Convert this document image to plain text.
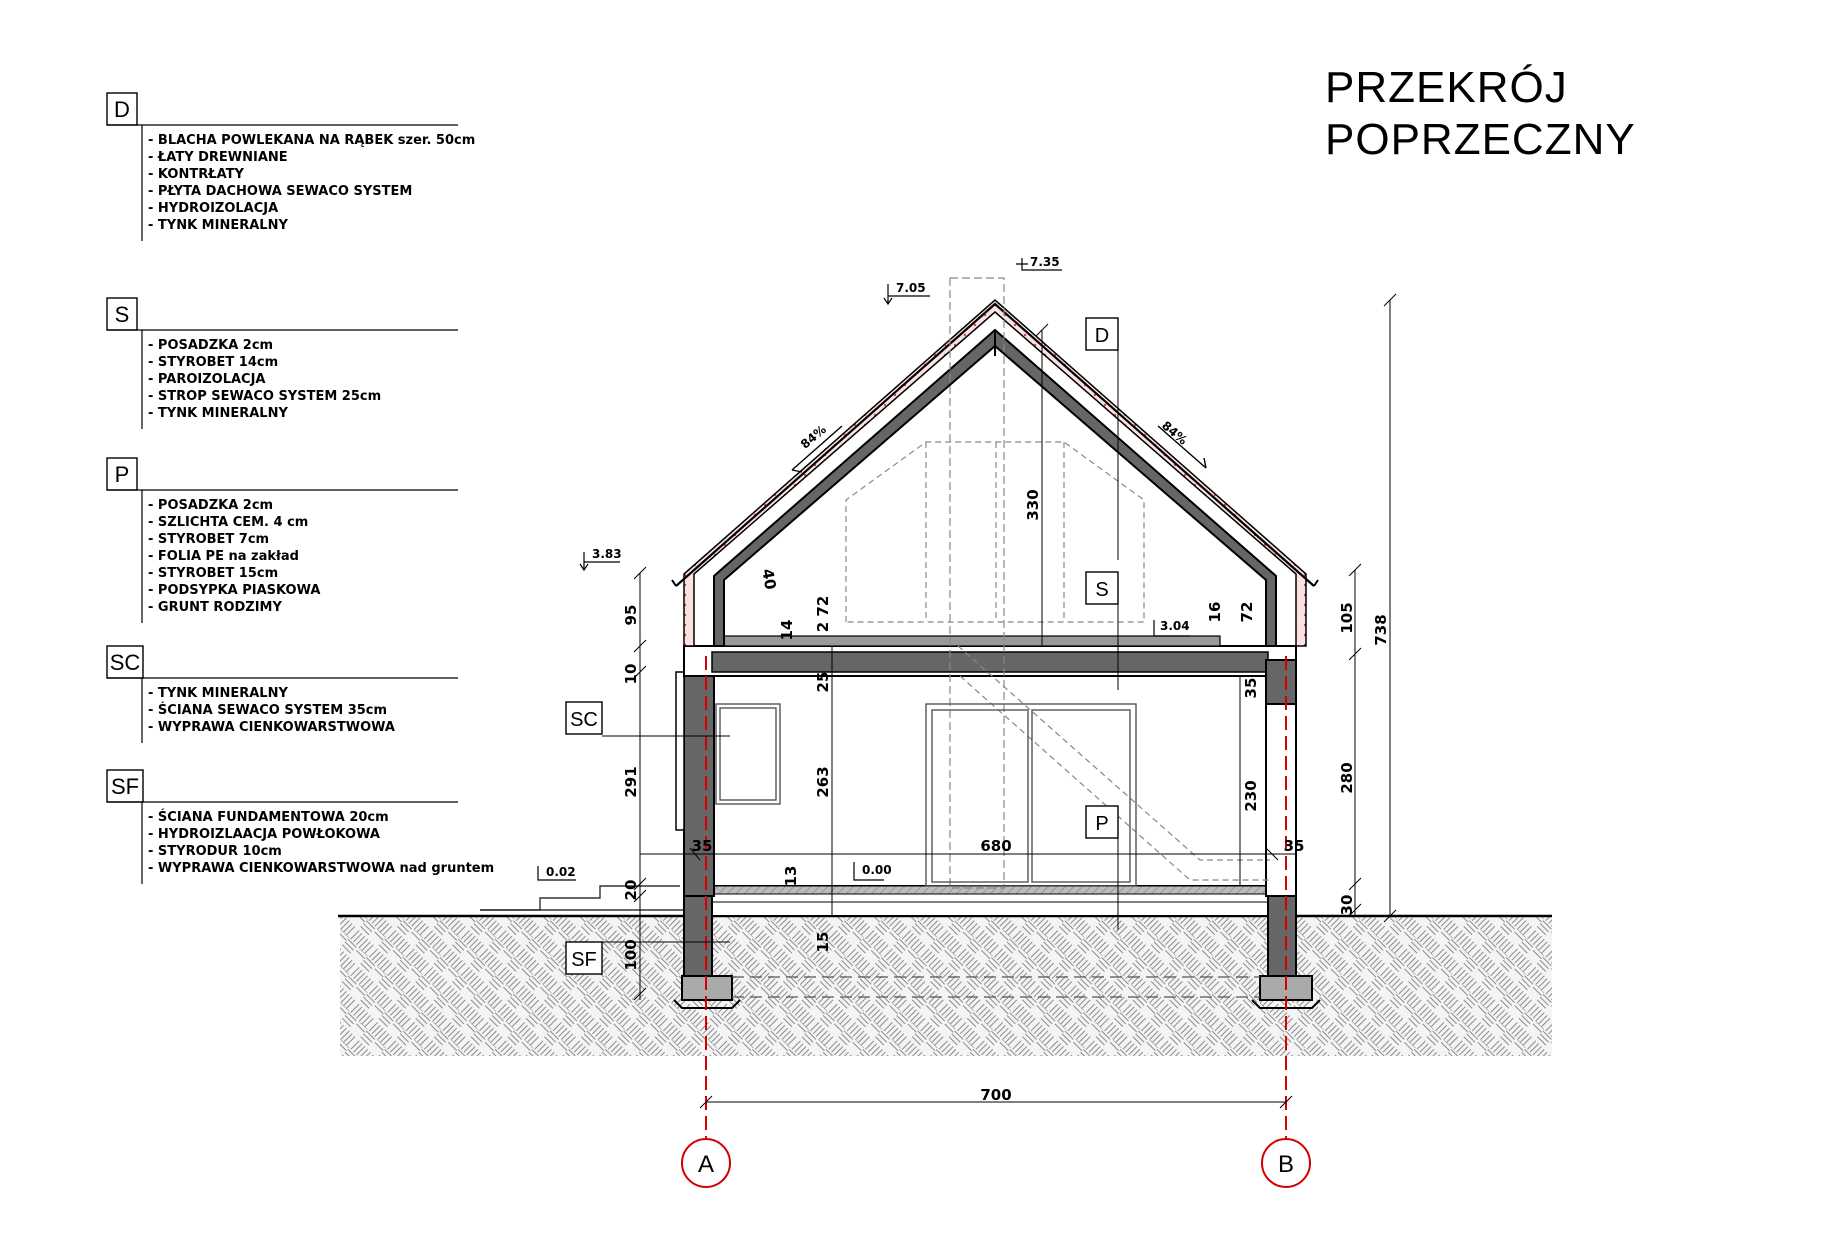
PRZEKRÓJ
POPRZECZNY
A	B
700
680
35	35
738
330
105
280
30
35
230
95
10
291
20
100
25
263
13
15
2 72
14
16 72
40
84%	84%
7.35
7.05
3.83
3.04
0.00
0.02
D
S
P
SC
SF
D
- BLACHA POWLEKANA NA RĄBEK szer. 50cm
- ŁATY DREWNIANE
- KONTRŁATY
- PŁYTA DACHOWA SEWACO SYSTEM
- HYDROIZOLACJA
- TYNK MINERALNY
S
- POSADZKA 2cm
- STYROBET 14cm
- PAROIZOLACJA
- STROP SEWACO SYSTEM 25cm
- TYNK MINERALNY
P
- POSADZKA 2cm
- SZLICHTA CEM. 4 cm
- STYROBET 7cm
- FOLIA PE na zakład
- STYROBET 15cm
- PODSYPKA PIASKOWA
- GRUNT RODZIMY
SC
- TYNK MINERALNY
- ŚCIANA SEWACO SYSTEM 35cm
- WYPRAWA CIENKOWARSTWOWA
SF
- ŚCIANA FUNDAMENTOWA 20cm
- HYDROIZLAACJA POWŁOKOWA
- STYRODUR 10cm
- WYPRAWA CIENKOWARSTWOWA nad gruntem
